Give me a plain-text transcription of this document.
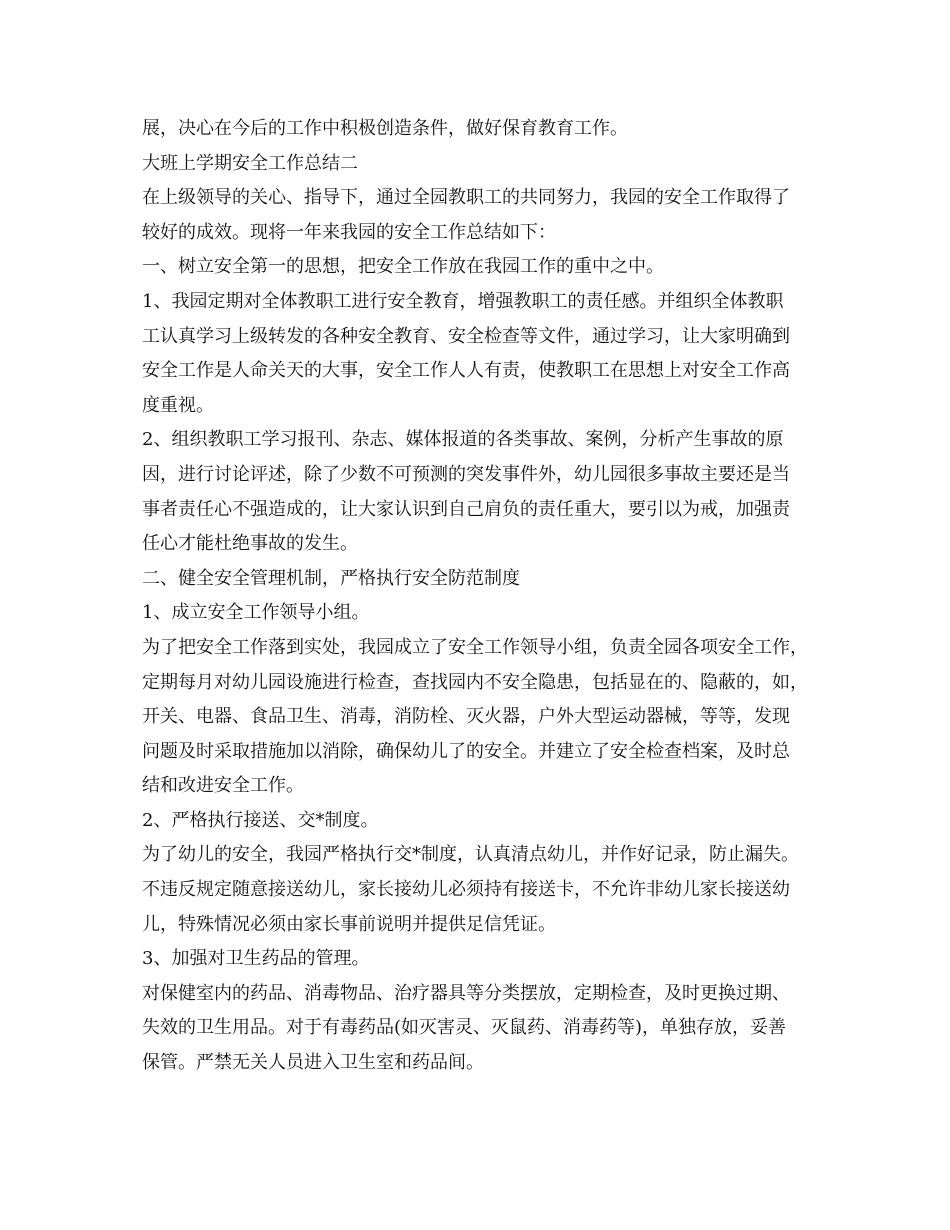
展，决心在今后的工作中积极创造条件，做好保育教育工作。
大班上学期安全工作总结二
在上级领导的关心、指导下，通过全园教职工的共同努力，我园的安全工作取得了
较好的成效。现将一年来我园的安全工作总结如下：
一、树立安全第一的思想，把安全工作放在我园工作的重中之中。
1、我园定期对全体教职工进行安全教育，增强教职工的责任感。并组织全体教职
工认真学习上级转发的各种安全教育、安全检查等文件，通过学习，让大家明确到
安全工作是人命关天的大事，安全工作人人有责，使教职工在思想上对安全工作高
度重视。
2、组织教职工学习报刊、杂志、媒体报道的各类事故、案例，分析产生事故的原
因，进行讨论评述，除了少数不可预测的突发事件外，幼儿园很多事故主要还是当
事者责任心不强造成的，让大家认识到自己肩负的责任重大，要引以为戒，加强责
任心才能杜绝事故的发生。
二、健全安全管理机制，严格执行安全防范制度
1、成立安全工作领导小组。
为了把安全工作落到实处，我园成立了安全工作领导小组，负责全园各项安全工作，
定期每月对幼儿园设施进行检查，查找园内不安全隐患，包括显在的、隐蔽的，如，
开关、电器、食品卫生、消毒，消防栓、灭火器，户外大型运动器械，等等，发现
问题及时采取措施加以消除，确保幼儿了的安全。并建立了安全检查档案，及时总
结和改进安全工作。
2、严格执行接送、交*制度。
为了幼儿的安全，我园严格执行交*制度，认真清点幼儿，并作好记录，防止漏失。
不违反规定随意接送幼儿，家长接幼儿必须持有接送卡，不允许非幼儿家长接送幼
儿，特殊情况必须由家长事前说明并提供足信凭证。
3、加强对卫生药品的管理。
对保健室内的药品、消毒物品、治疗器具等分类摆放，定期检查，及时更换过期、
失效的卫生用品。对于有毒药品(如灭害灵、灭鼠药、消毒药等)，单独存放，妥善
保管。严禁无关人员进入卫生室和药品间。
